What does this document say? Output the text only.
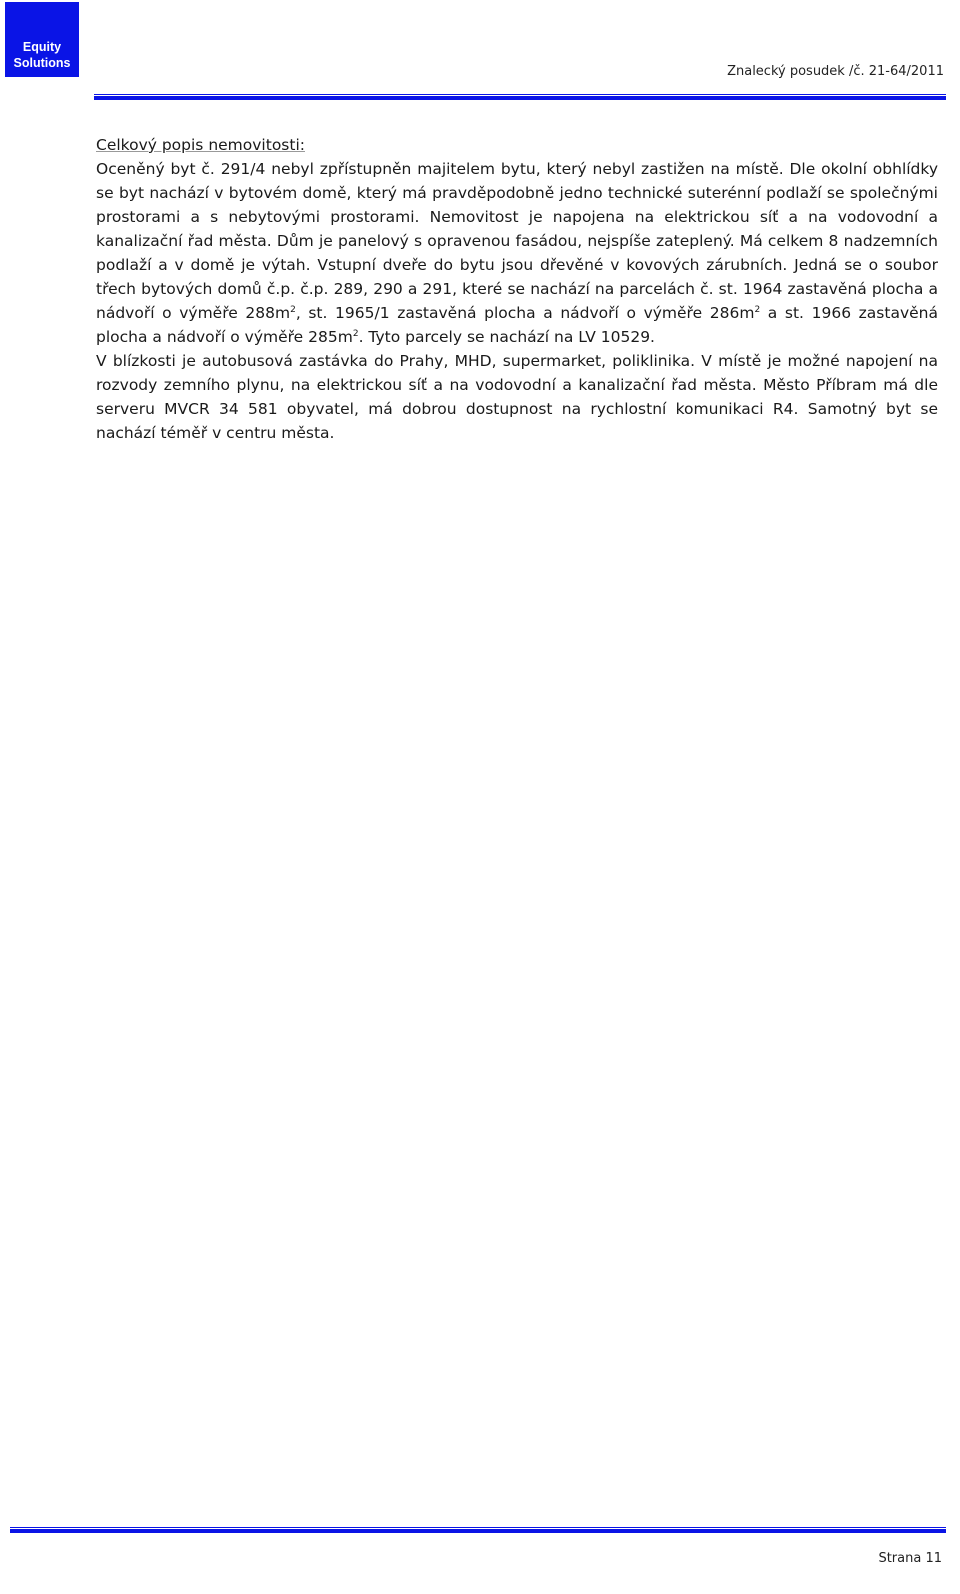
Equity
Solutions
Znalecký posudek /č. 21-64/2011
Celkový popis nemovitosti:

Oceněný byt č. 291/4 nebyl zpřístupněn majitelem bytu, který nebyl zastižen na místě. Dle okolní obhlídky se byt nachází v bytovém domě, který má pravděpodobně jedno technické suterénní podlaží se společnými prostorami a s nebytovými prostorami. Nemovitost je napojena na elektrickou síť a na vodovodní a kanalizační řad města. Dům je panelový s opravenou fasádou, nejspíše zateplený. Má celkem 8 nadzemních podlaží a v domě je výtah. Vstupní dveře do bytu jsou dřevěné v kovových zárubních. Jedná se o soubor třech bytových domů č.p. č.p. 289, 290 a 291, které se nachází na parcelách č. st. 1964 zastavěná plocha a nádvoří o výměře $288m^2$, st. 1965/1 zastavěná plocha a nádvoří o výměře $286m^2$ a st. 1966 zastavěná plocha a nádvoří o výměře $285m^2$. Tyto parcely se nachází na LV 10529.

V blízkosti je autobusová zastávka do Prahy, MHD, supermarket, poliklinika. V místě je možné napojení na rozvody zemního plynu, na elektrickou síť a na vodovodní a kanalizační řad města. Město Příbram má dle serveru MVCR 34 581 obyvatel, má dobrou dostupnost na rychlostní komunikaci R4. Samotný byt se nachází téměř v centru města.

Strana 11
